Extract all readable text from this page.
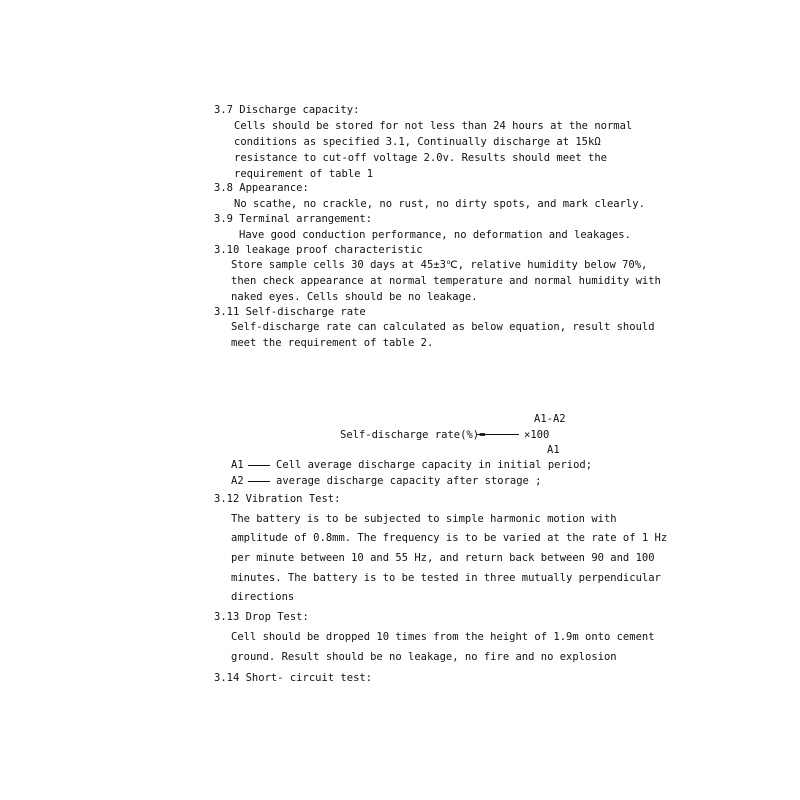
3.7 Discharge capacity:
Cells should be stored for not less than 24 hours at the normal
conditions as specified 3.1, Continually discharge at 15kΩ
resistance to cut-off voltage 2.0v. Results should meet the
requirement of table 1
3.8 Appearance:
No scathe, no crackle, no rust, no dirty spots, and mark clearly.
3.9 Terminal arrangement:
Have good conduction performance, no deformation and leakages.
3.10 leakage proof characteristic
Store sample cells 30 days at 45±3℃, relative humidity below 70%,
then check appearance at normal temperature and normal humidity with
naked eyes. Cells should be no leakage.
3.11 Self-discharge rate
Self-discharge rate can calculated as below equation, result should
meet the requirement of table 2.
A1-A2
Self-discharge rate(%)=	×100
A1
A1	Cell average discharge capacity in initial period;
A2	average discharge capacity after storage ;
3.12 Vibration Test:
The battery is to be subjected to simple harmonic motion with
amplitude of 0.8mm. The frequency is to be varied at the rate of 1 Hz
per minute between 10 and 55 Hz, and return back between 90 and 100
minutes. The battery is to be tested in three mutually perpendicular
directions
3.13 Drop Test:
Cell should be dropped 10 times from the height of 1.9m onto cement
ground. Result should be no leakage, no fire and no explosion
3.14 Short- circuit test:
